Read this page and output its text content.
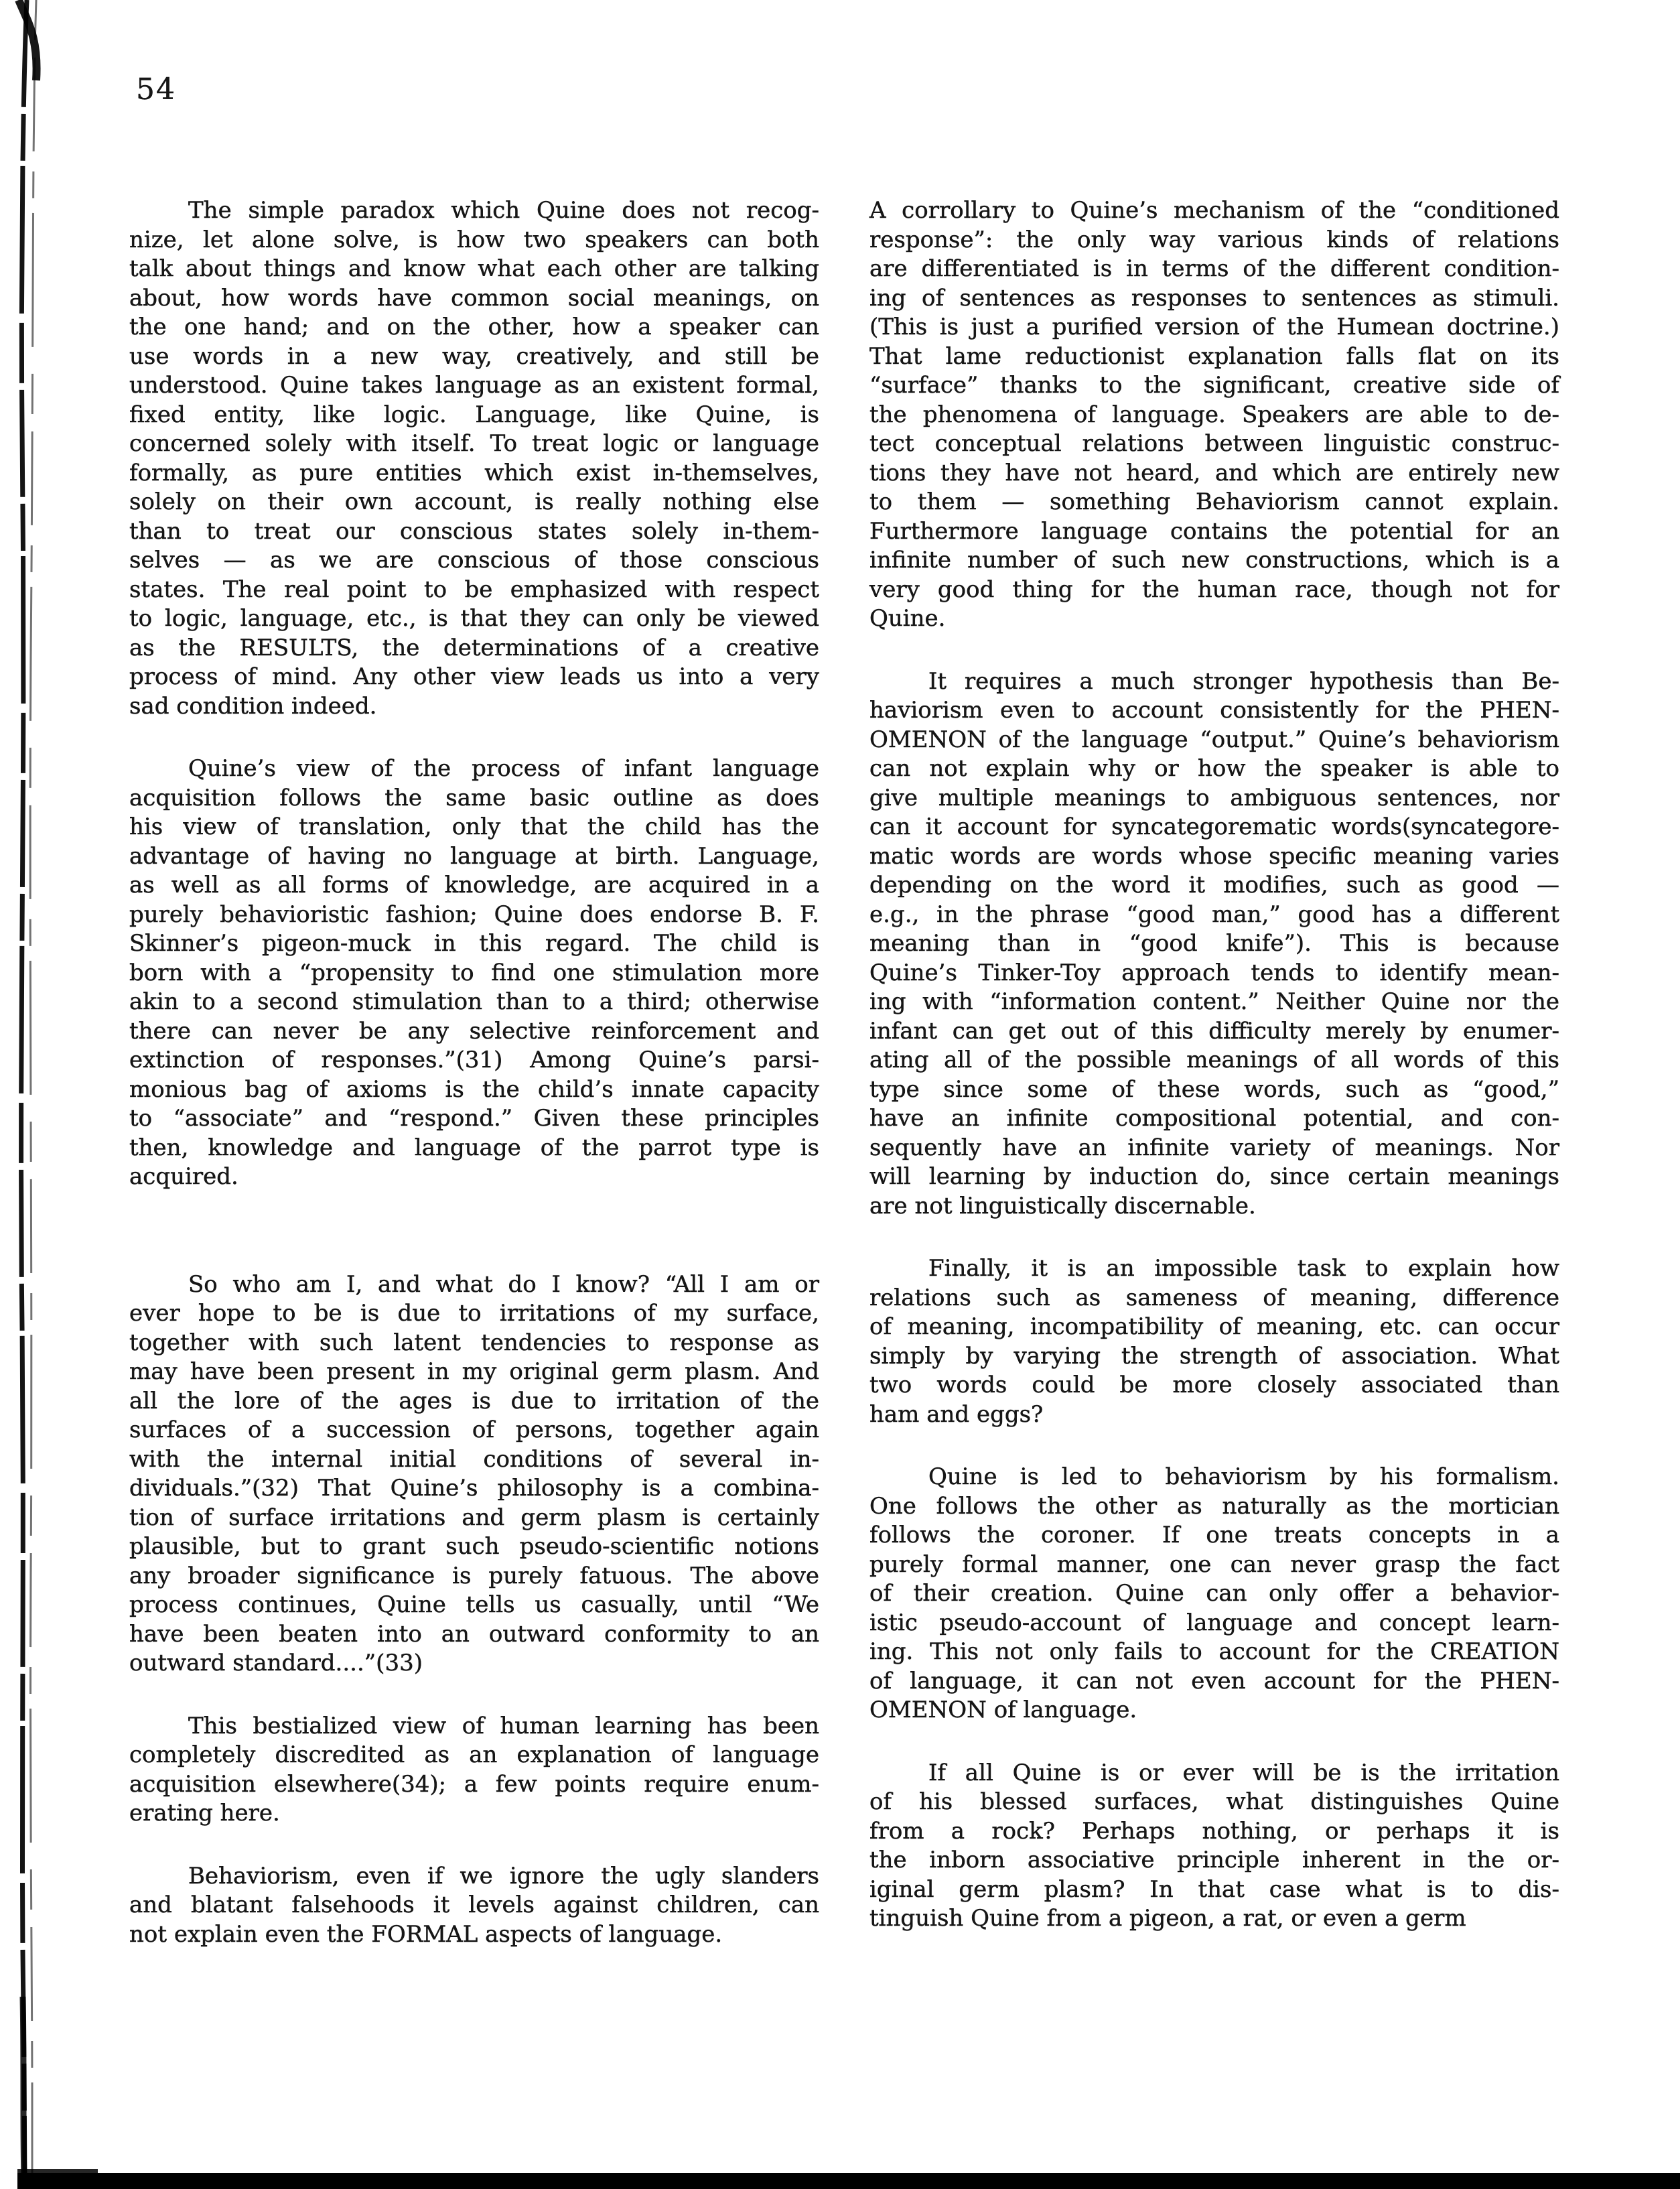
54

The simple paradox which Quine does not recog-
nize, let alone solve, is how two speakers can both
talk about things and know what each other are talking
about, how words have common social meanings, on
the one hand; and on the other, how a speaker can
use words in a new way, creatively, and still be
understood. Quine takes language as an existent formal,
fixed entity, like logic. Language, like Quine, is
concerned solely with itself. To treat logic or language
formally, as pure entities which exist in-themselves,
solely on their own account, is really nothing else
than to treat our conscious states solely in-them-
selves — as we are conscious of those conscious
states. The real point to be emphasized with respect
to logic, language, etc., is that they can only be viewed
as the RESULTS, the determinations of a creative
process of mind. Any other view leads us into a very
sad condition indeed.

Quine’s view of the process of infant language
acquisition follows the same basic outline as does
his view of translation, only that the child has the
advantage of having no language at birth. Language,
as well as all forms of knowledge, are acquired in a
purely behavioristic fashion; Quine does endorse B. F.
Skinner’s pigeon-muck in this regard. The child is
born with a “propensity to find one stimulation more
akin to a second stimulation than to a third; otherwise
there can never be any selective reinforcement and
extinction of responses.”(31) Among Quine’s parsi-
monious bag of axioms is the child’s innate capacity
to “associate” and “respond.” Given these principles
then, knowledge and language of the parrot type is
acquired.

So who am I, and what do I know? “All I am or
ever hope to be is due to irritations of my surface,
together with such latent tendencies to response as
may have been present in my original germ plasm. And
all the lore of the ages is due to irritation of the
surfaces of a succession of persons, together again
with the internal initial conditions of several in-
dividuals.”(32) That Quine’s philosophy is a combina-
tion of surface irritations and germ plasm is certainly
plausible, but to grant such pseudo-scientific notions
any broader significance is purely fatuous. The above
process continues, Quine tells us casually, until “We
have been beaten into an outward conformity to an
outward standard....”(33)

This bestialized view of human learning has been
completely discredited as an explanation of language
acquisition elsewhere(34); a few points require enum-
erating here.

Behaviorism, even if we ignore the ugly slanders
and blatant falsehoods it levels against children, can
not explain even the FORMAL aspects of language.

A corrollary to Quine’s mechanism of the “conditioned
response”: the only way various kinds of relations
are differentiated is in terms of the different condition-
ing of sentences as responses to sentences as stimuli.
(This is just a purified version of the Humean doctrine.)
That lame reductionist explanation falls flat on its
“surface” thanks to the significant, creative side of
the phenomena of language. Speakers are able to de-
tect conceptual relations between linguistic construc-
tions they have not heard, and which are entirely new
to them — something Behaviorism cannot explain.
Furthermore language contains the potential for an
infinite number of such new constructions, which is a
very good thing for the human race, though not for
Quine.

It requires a much stronger hypothesis than Be-
haviorism even to account consistently for the PHEN-
OMENON of the language “output.” Quine’s behaviorism
can not explain why or how the speaker is able to
give multiple meanings to ambiguous sentences, nor
can it account for syncategorematic words(syncategore-
matic words are words whose specific meaning varies
depending on the word it modifies, such as good —
e.g., in the phrase “good man,” good has a different
meaning than in “good knife”). This is because
Quine’s Tinker-Toy approach tends to identify mean-
ing with “information content.” Neither Quine nor the
infant can get out of this difficulty merely by enumer-
ating all of the possible meanings of all words of this
type since some of these words, such as “good,”
have an infinite compositional potential, and con-
sequently have an infinite variety of meanings. Nor
will learning by induction do, since certain meanings
are not linguistically discernable.

Finally, it is an impossible task to explain how
relations such as sameness of meaning, difference
of meaning, incompatibility of meaning, etc. can occur
simply by varying the strength of association. What
two words could be more closely associated than
ham and eggs?

Quine is led to behaviorism by his formalism.
One follows the other as naturally as the mortician
follows the coroner. If one treats concepts in a
purely formal manner, one can never grasp the fact
of their creation. Quine can only offer a behavior-
istic pseudo-account of language and concept learn-
ing. This not only fails to account for the CREATION
of language, it can not even account for the PHEN-
OMENON of language.

If all Quine is or ever will be is the irritation
of his blessed surfaces, what distinguishes Quine
from a rock? Perhaps nothing, or perhaps it is
the inborn associative principle inherent in the or-
iginal germ plasm? In that case what is to dis-
tinguish Quine from a pigeon, a rat, or even a germ
